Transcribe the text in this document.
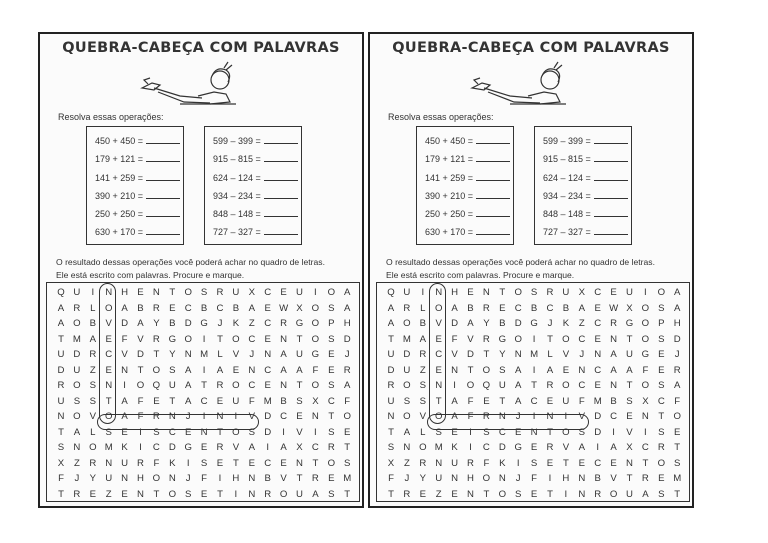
QUEBRA-CABEÇA COM PALAVRAS
Resolva essas operações:
450 + 450 =
179 + 121 =
141 + 259 =
390 + 210 =
250 + 250 =
630 + 170 =
599 – 399 =
915 – 815 =
624 – 124 =
934 – 234 =
848 – 148 =
727 – 327 =
O resultado dessas operações você poderá achar no quadro de letras.
Ele está escrito com palavras. Procure e marque.
Q U	I	N H E N T O S R U X C E U	I	O A
A R	L O A B R E C B C B A E W X O S A
A O B V D A Y B D G	J	K	Z C R G O P H
T M A E	F	V R G O	I	T O C E N T O S D
U D R C V D T	Y N M L	V	J	N A U G E	J
D U Z	E N T O S A	I	A E N C A A	F	E R
R O S N	I	O Q U A	T R O C E N T O S A
U S S	T	A	F	E	T	A C E U F M B S X C F
N O V O A	F R N	J	I	N	I	V D C E N T O
T	A	L	S E	I	S C E N T O S D	I	V	I	S E
S N O M K	I	C D G E R V A	I	A X C R T
X	Z R N U R F	K	I	S E	T	E C E N T O S
F	J	Y U N H O N	J	F	I	H N B V	T R E M
T R E	Z	E N T O S E	T	I	N R O U A S	T
QUEBRA-CABEÇA COM PALAVRAS
Resolva essas operações:
450 + 450 =
179 + 121 =
141 + 259 =
390 + 210 =
250 + 250 =
630 + 170 =
599 – 399 =
915 – 815 =
624 – 124 =
934 – 234 =
848 – 148 =
727 – 327 =
O resultado dessas operações você poderá achar no quadro de letras.
Ele está escrito com palavras. Procure e marque.
Q U	I	N H E N T O S R U X C E U	I	O A
A R	L O A B R E C B C B A E W X O S A
A O B V D A Y B D G	J	K	Z C R G O P H
T M A E	F	V R G O	I	T O C E N T O S D
U D R C V D T	Y N M L	V	J	N A U G E	J
D U Z	E N T O S A	I	A E N C A A	F	E R
R O S N	I	O Q U A	T R O C E N T O S A
U S S	T	A	F	E	T	A C E U F M B S X C F
N O V O A	F R N	J	I	N	I	V D C E N T O
T	A	L	S E	I	S C E N T O S D	I	V	I	S E
S N O M K	I	C D G E R V A	I	A X C R T
X	Z R N U R F	K	I	S E	T	E C E N T O S
F	J	Y U N H O N	J	F	I	H N B V	T R E M
T R E	Z	E N T O S E	T	I	N R O U A S	T
